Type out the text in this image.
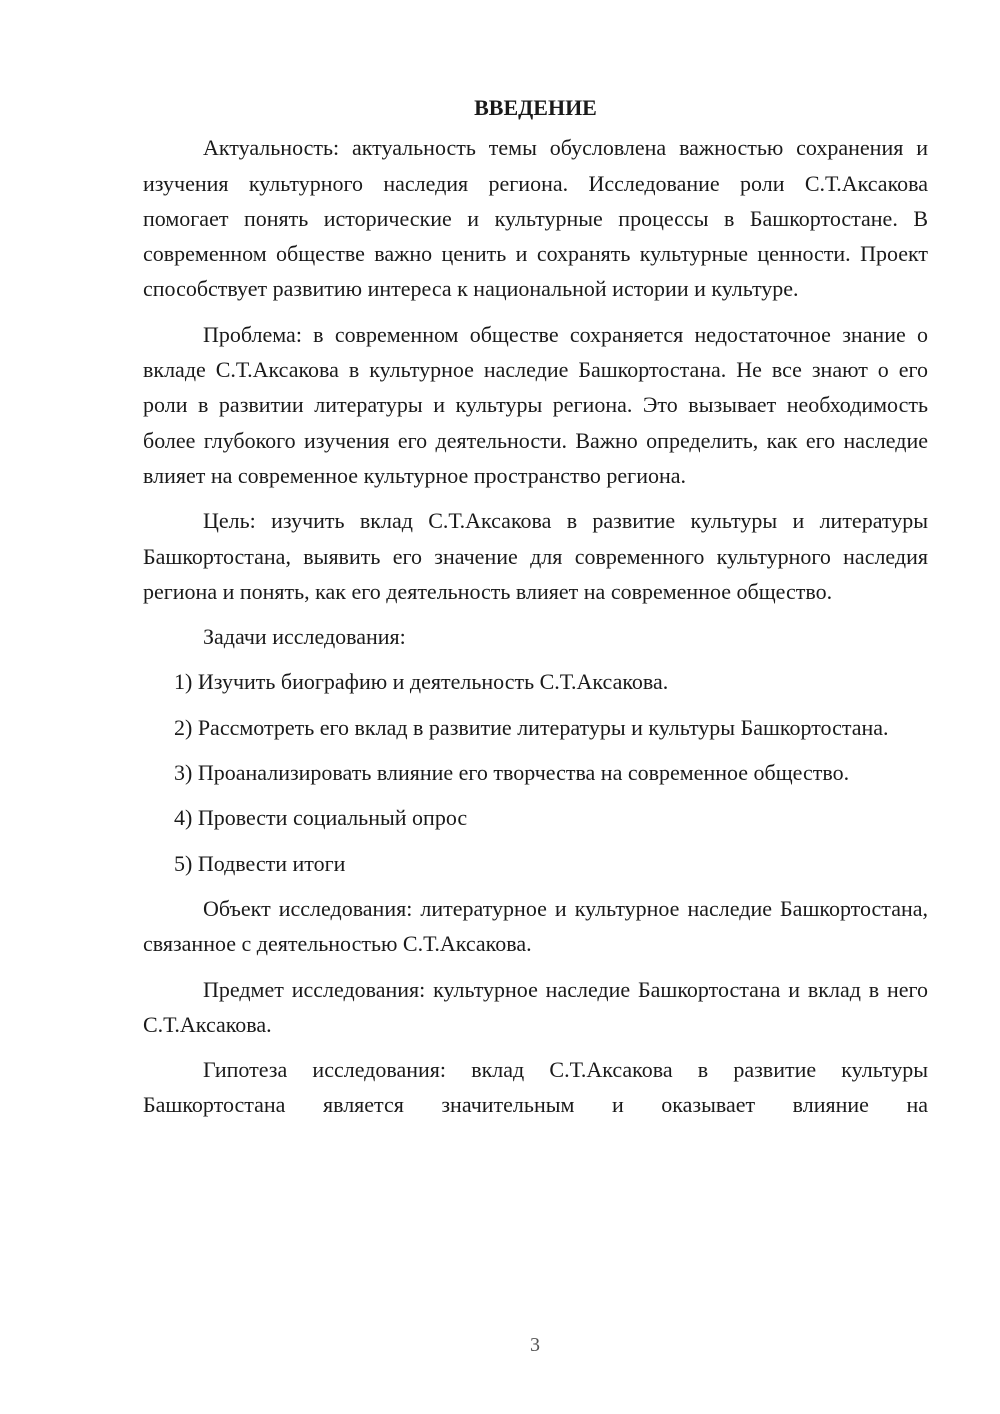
ВВЕДЕНИЕ

Актуальность: актуальность темы обусловлена важностью сохранения и изучения культурного наследия региона. Исследование роли С.Т.Аксакова помогает понять исторические и культурные процессы в Башкортостане. В современном обществе важно ценить и сохранять культурные ценности. Проект способствует развитию интереса к национальной истории и культуре.

Проблема: в современном обществе сохраняется недостаточное знание о вкладе С.Т.Аксакова в культурное наследие Башкортостана. Не все знают о его роли в развитии литературы и культуры региона. Это вызывает необходимость более глубокого изучения его деятельности. Важно определить, как его наследие влияет на современное культурное пространство региона.

Цель: изучить вклад С.Т.Аксакова в развитие культуры и литературы Башкортостана, выявить его значение для современного культурного наследия региона и понять, как его деятельность влияет на современное общество.

Задачи исследования:

1) Изучить биографию и деятельность С.Т.Аксакова.

2) Рассмотреть его вклад в развитие литературы и культуры Башкортостана.

3) Проанализировать влияние его творчества на современное общество.

4) Провести социальный опрос

5) Подвести итоги

Объект исследования: литературное и культурное наследие Башкортостана, связанное с деятельностью С.Т.Аксакова.

Предмет исследования: культурное наследие Башкортостана и вклад в него С.Т.Аксакова.

Гипотеза исследования: вклад С.Т.Аксакова в развитие культуры Башкортостана является значительным и оказывает влияние на

3
